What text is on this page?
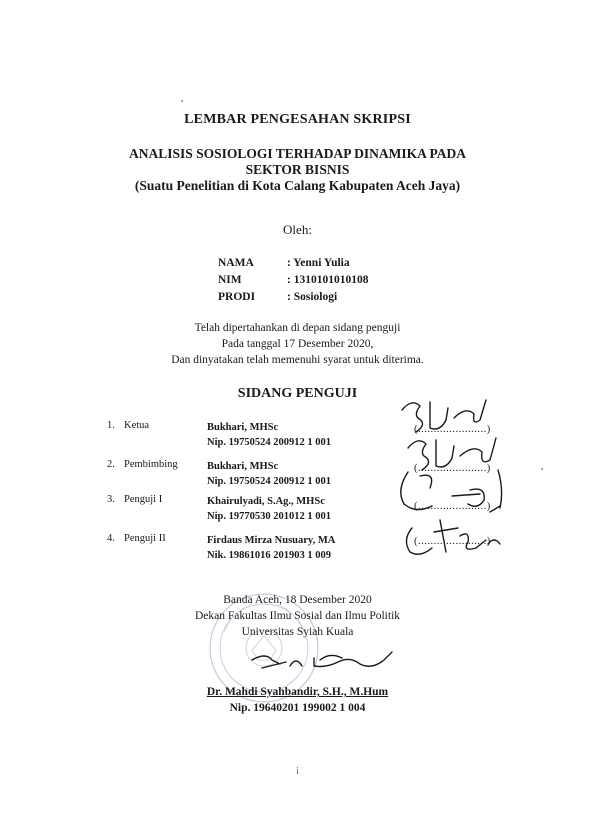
LEMBAR PENGESAHAN SKRIPSI
ANALISIS SOSIOLOGI TERHADAP DINAMIKA PADA
SEKTOR BISNIS
(Suatu Penelitian di Kota Calang Kabupaten Aceh Jaya)
Oleh:
NAMA	: Yenni Yulia
NIM	: 1310101010108
PRODI	: Sosiologi
Telah dipertahankan di depan sidang penguji
Pada tanggal 17 Desember 2020,
Dan dinyatakan telah memenuhi syarat untuk diterima.
SIDANG PENGUJI
1. Ketua	Bukhari, MHSc
Nip. 19750524 200912 1 001
(......................)
2. Pembimbing	Bukhari, MHSc
Nip. 19750524 200912 1 001
(......................)
3. Penguji I	Khairulyadi, S.Ag., MHSc
Nip. 19770530 201012 1 001
(......................)
4. Penguji II	Firdaus Mirza Nusuary, MA
Nik. 19861016 201903 1 009
(......................)
Banda Aceh, 18 Desember 2020
Dekan Fakultas Ilmu Sosial dan Ilmu Politik
Universitas Syiah Kuala
Dr. Mahdi Syahbandir, S.H., M.Hum
Nip. 19640201 199002 1 004
i
